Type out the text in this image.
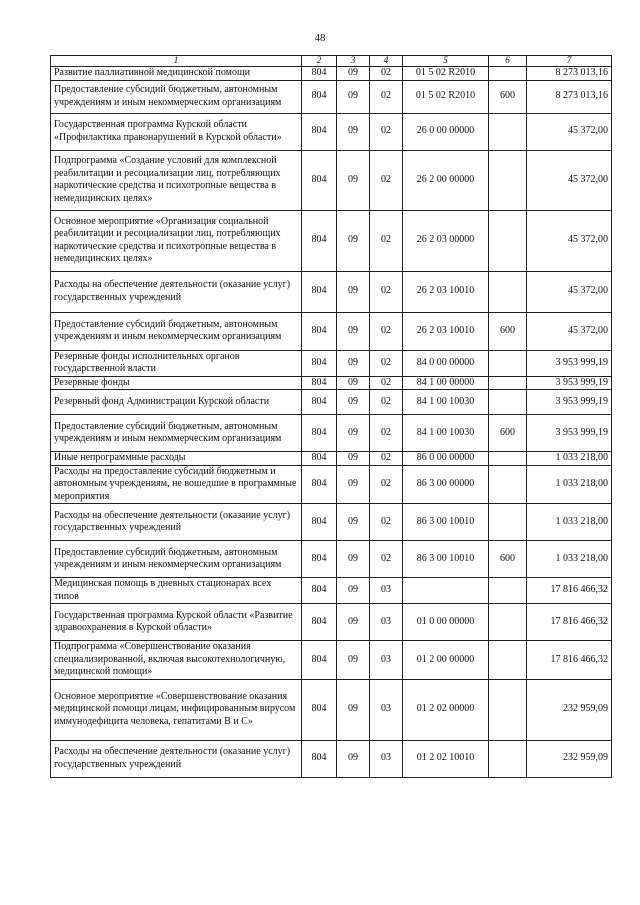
48
1	2	3	4	5	6	7
Развитие паллиативной медицинской помощи	804	09	02	01 5 02 R2010		8 273 013,16
Предоставление субсидий бюджетным, автономным учреждениям и иным некоммерческим организациям	804	09	02	01 5 02 R2010	600	8 273 013,16
Государственная программа Курской области «Профилактика правонарушений в Курской области»	804	09	02	26 0 00 00000		45 372,00
Подпрограмма «Создание условий для комплексной реабилитации и ресоциализации лиц, потребляющих наркотические средства и психотропные вещества в немедицинских целях»	804	09	02	26 2 00 00000		45 372,00
Основное мероприятие «Организация социальной реабилитации и ресоциализации лиц, потребляющих наркотические средства и психотропные вещества в немедицинских целях»	804	09	02	26 2 03 00000		45 372,00
Расходы на обеспечение деятельности (оказание услуг) государственных учреждений	804	09	02	26 2 03 10010		45 372,00
Предоставление субсидий бюджетным, автономным учреждениям и иным некоммерческим организациям	804	09	02	26 2 03 10010	600	45 372,00
Резервные фонды исполнительных органов государственной власти	804	09	02	84 0 00 00000		3 953 999,19
Резервные фонды	804	09	02	84 1 00 00000		3 953 999,19
Резервный фонд Администрации Курской области	804	09	02	84 1 00 10030		3 953 999,19
Предоставление субсидий бюджетным, автономным учреждениям и иным некоммерческим организациям	804	09	02	84 1 00 10030	600	3 953 999,19
Иные непрограммные расходы	804	09	02	86 0 00 00000		1 033 218,00
Расходы на предоставление субсидий бюджетным и автономным учреждениям, не вошедшие в программные мероприятия	804	09	02	86 3 00 00000		1 033 218,00
Расходы на обеспечение деятельности (оказание услуг) государственных учреждений	804	09	02	86 3 00 10010		1 033 218,00
Предоставление субсидий бюджетным, автономным учреждениям и иным некоммерческим организациям	804	09	02	86 3 00 10010	600	1 033 218,00
Медицинская помощь в дневных стационарах всех типов	804	09	03			17 816 466,32
Государственная программа Курской области «Развитие здравоохранения в Курской области»	804	09	03	01 0 00 00000		17 816 466,32
Подпрограмма «Совершенствование оказания специализированной, включая высокотехнологичную, медицинской помощи»	804	09	03	01 2 00 00000		17 816 466,32
Основное мероприятие «Совершенствование оказания медицинской помощи лицам, инфицированным вирусом иммунодефицита человека, гепатитами B и C»	804	09	03	01 2 02 00000		232 959,09
Расходы на обеспечение деятельности (оказание услуг) государственных учреждений	804	09	03	01 2 02 10010		232 959,09
